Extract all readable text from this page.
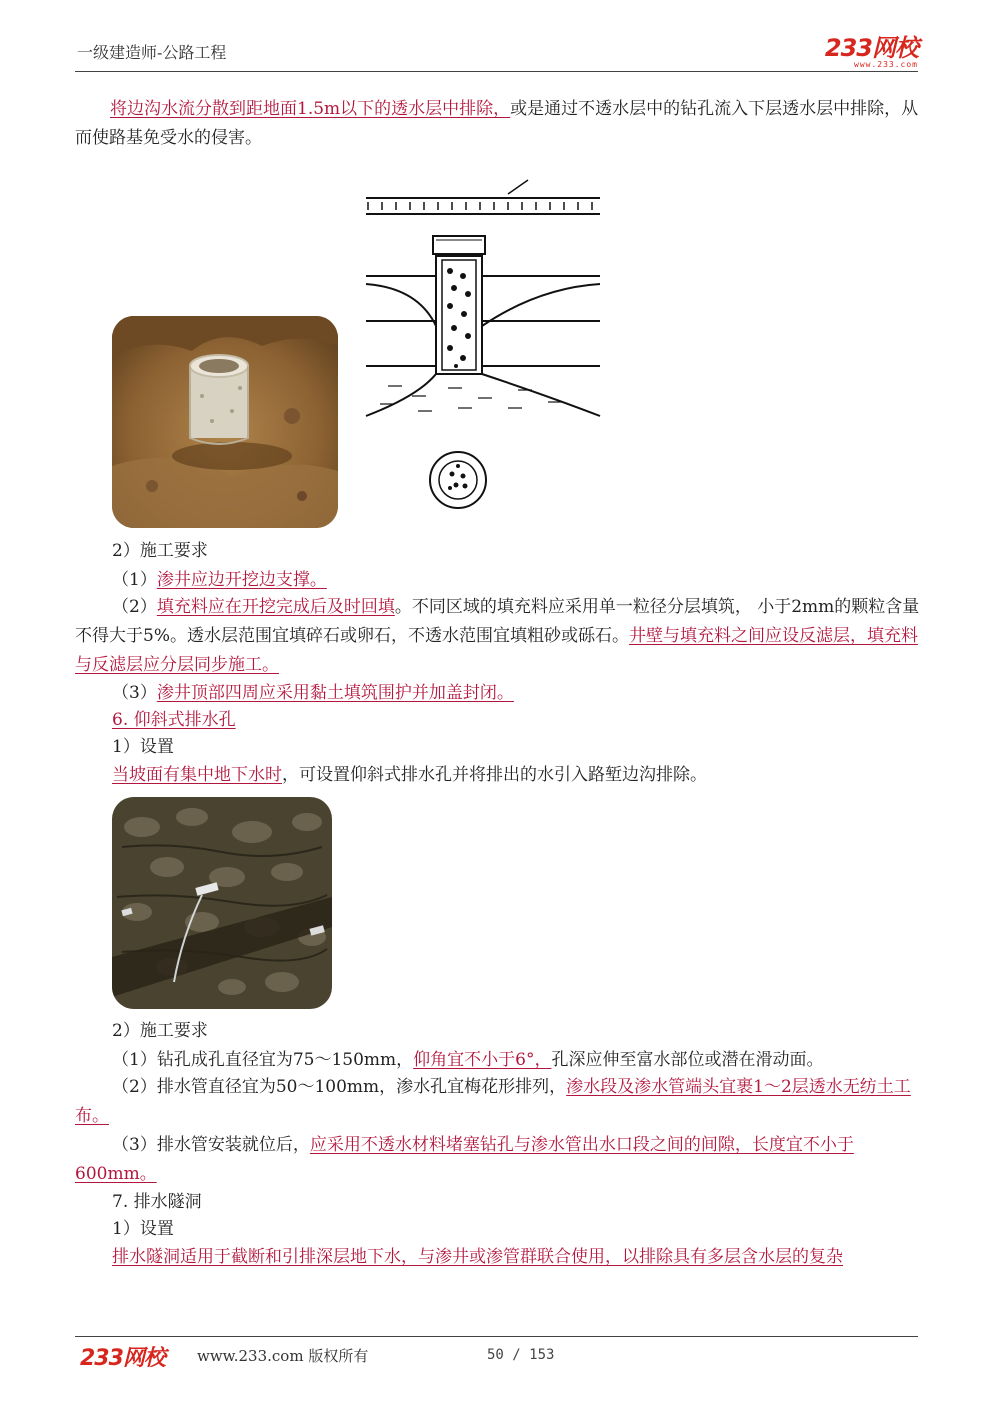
一级建造师-公路工程	233网校
www.233.com
将边沟水流分散到距地面1.5m以下的透水层中排除，或是通过不透水层中的钻孔流入下层透水层中排除，从而使路基免受水的侵害。
2）施工要求
（1）渗井应边开挖边支撑。
（2）填充料应在开挖完成后及时回填。不同区域的填充料应采用单一粒径分层填筑， 小于2mm的颗粒含量不得大于5%。透水层范围宜填碎石或卵石，不透水范围宜填粗砂或砾石。井壁与填充料之间应设反滤层，填充料与反滤层应分层同步施工。
（3）渗井顶部四周应采用黏土填筑围护并加盖封闭。
6. 仰斜式排水孔
1）设置
当坡面有集中地下水时，可设置仰斜式排水孔并将排出的水引入路堑边沟排除。
2）施工要求
（1）钻孔成孔直径宜为75～150mm，仰角宜不小于6°，孔深应伸至富水部位或潜在滑动面。
（2）排水管直径宜为50～100mm，渗水孔宜梅花形排列，渗水段及渗水管端头宜裹1～2层透水无纺土工布。
（3）排水管安装就位后，应采用不透水材料堵塞钻孔与渗水管出水口段之间的间隙，长度宜不小于600mm。
7. 排水隧洞
1）设置
排水隧洞适用于截断和引排深层地下水，与渗井或渗管群联合使用，以排除具有多层含水层的复杂
233网校 www.233.com 版权所有	50 / 153
